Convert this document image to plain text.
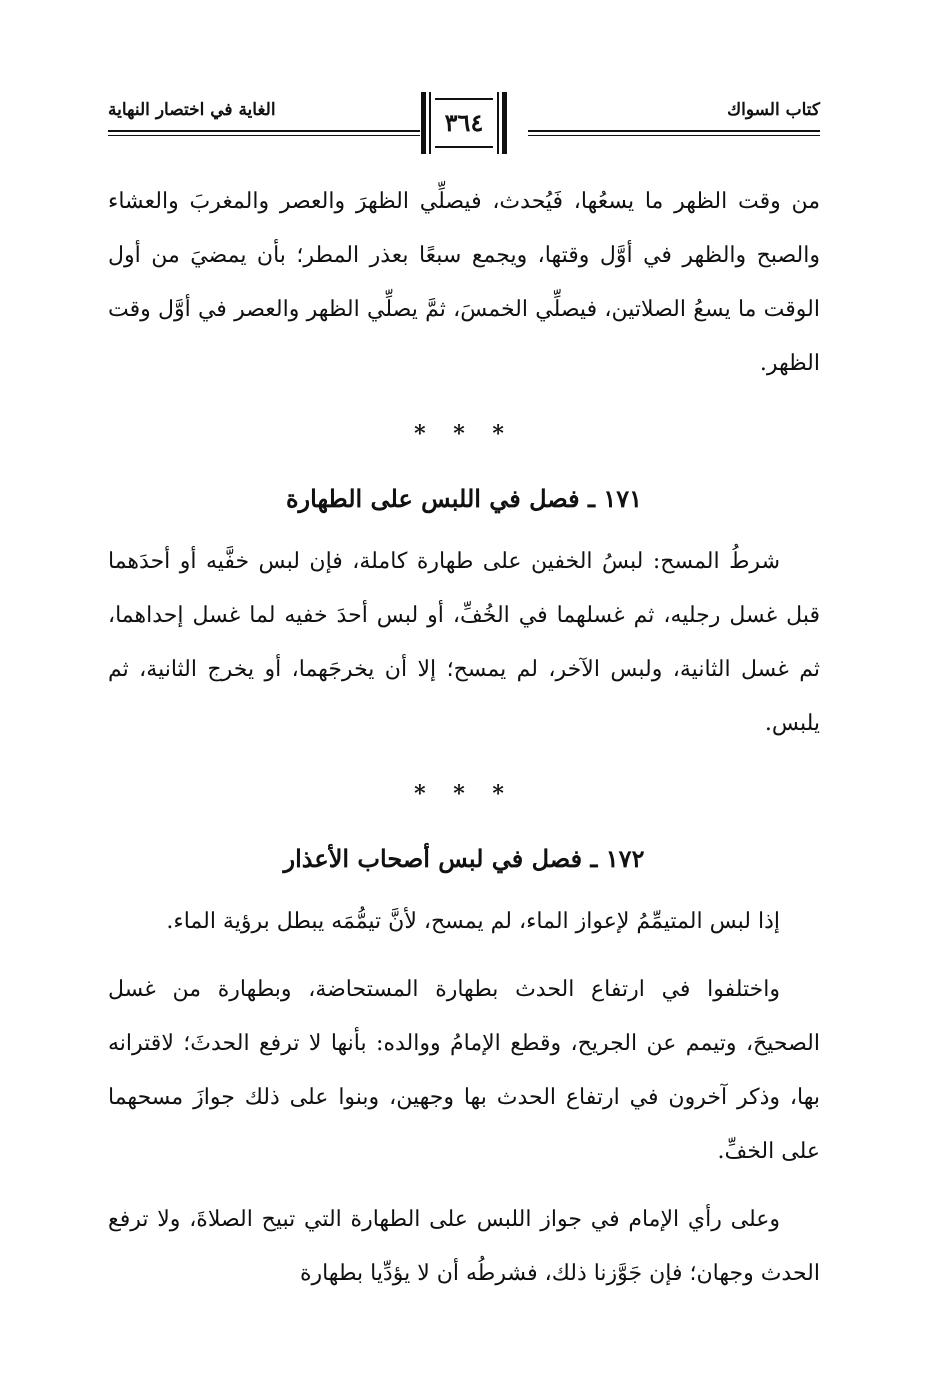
كتاب السواك
الغاية في اختصار النهاية	٣٦٤

من وقت الظهر ما يسعُها، فَيُحدث، فيصلِّي الظهرَ والعصر والمغربَ والعشاء والصبح والظهر في أوَّل وقتها، ويجمع سبعًا بعذر المطر؛ بأن يمضيَ من أول الوقت ما يسعُ الصلاتين، فيصلِّي الخمسَ، ثمَّ يصلِّي الظهر والعصر في أوَّل وقت الظهر.

* * *

١٧١ ـ فصل في اللبس على الطهارة

شرطُ المسح: لبسُ الخفين على طهارة كاملة، فإن لبس خفَّيه أو أحدَهما قبل غسل رجليه، ثم غسلهما في الخُفِّ، أو لبس أحدَ خفيه لما غسل إحداهما، ثم غسل الثانية، ولبس الآخر، لم يمسح؛ إلا أن يخرجَهما، أو يخرج الثانية، ثم يلبس.

* * *

١٧٢ ـ فصل في لبس أصحاب الأعذار

إذا لبس المتيمِّمُ لإعواز الماء، لم يمسح، لأنَّ تيمُّمَه يبطل برؤية الماء.

واختلفوا في ارتفاع الحدث بطهارة المستحاضة، وبطهارة من غسل الصحيحَ، وتيمم عن الجريح، وقطع الإمامُ ووالده: بأنها لا ترفع الحدثَ؛ لاقترانه بها، وذكر آخرون في ارتفاع الحدث بها وجهين، وبنوا على ذلك جوازَ مسحهما على الخفِّ.

وعلى رأي الإمام في جواز اللبس على الطهارة التي تبيح الصلاةَ، ولا ترفع الحدث وجهان؛ فإن جَوَّزنا ذلك، فشرطُه أن لا يؤدِّيا بطهارة
